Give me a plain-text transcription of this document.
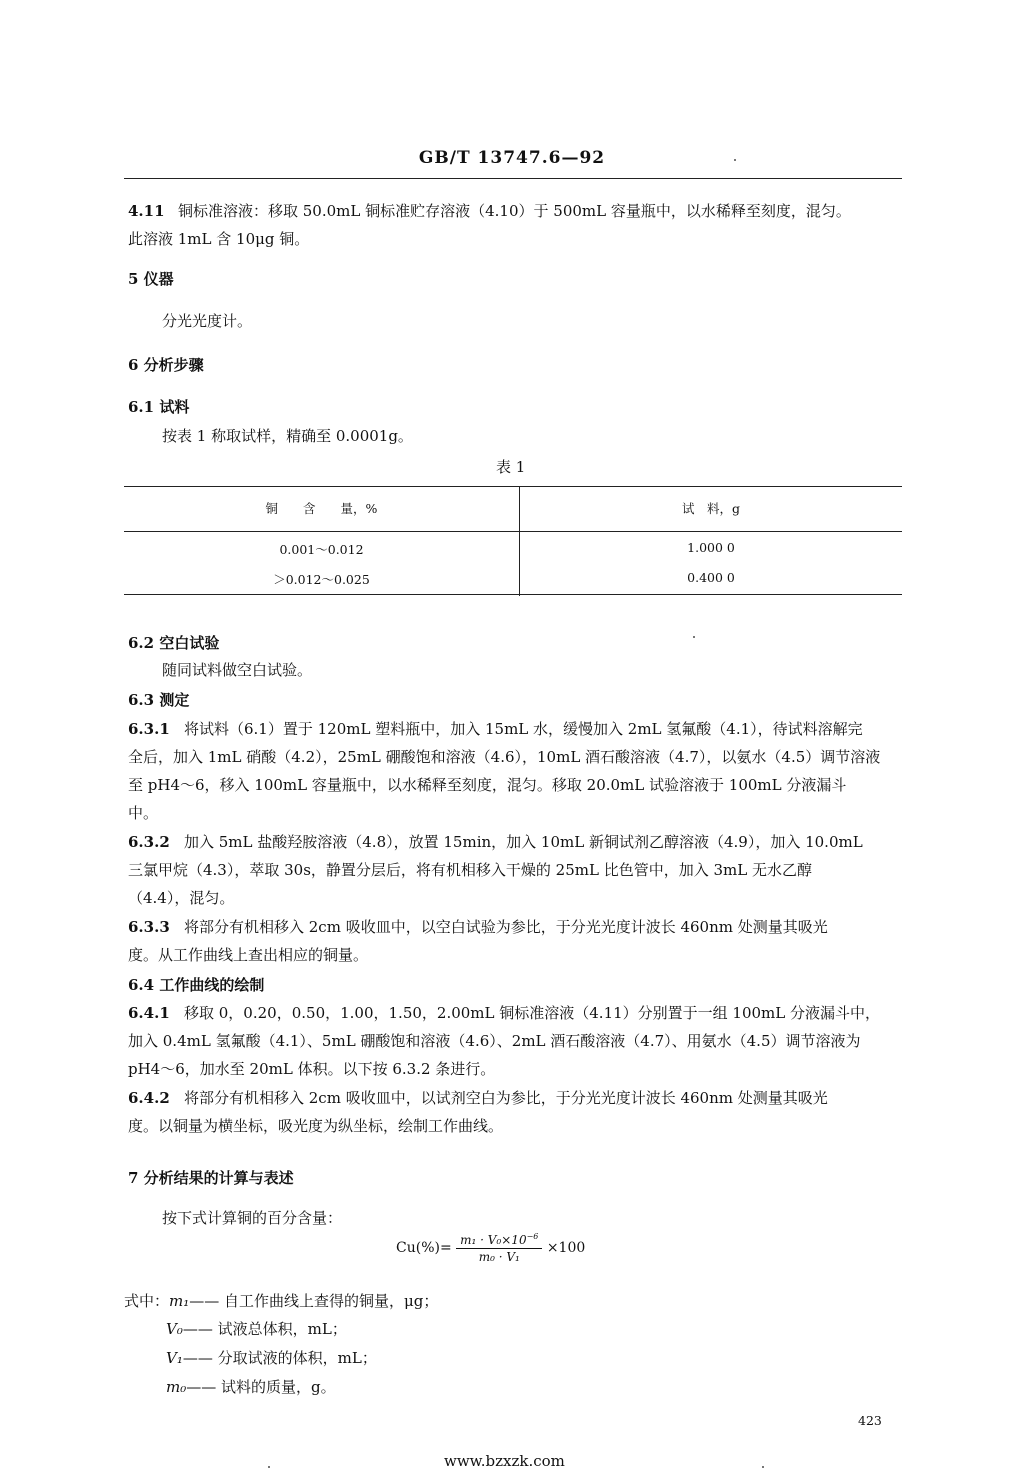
GB/T 13747.6—92
4.11 铜标准溶液：移取 50.0mL 铜标准贮存溶液（4.10）于 500mL 容量瓶中，以水稀释至刻度，混匀。
此溶液 1mL 含 10μg 铜。
5 仪器
分光光度计。
6 分析步骤
6.1 试料
按表 1 称取试样，精确至 0.0001g。
表 1
铜　　含　　量，%	试　料，g
0.001～0.012	1.000 0
＞0.012～0.025	0.400 0
6.2 空白试验
随同试料做空白试验。
6.3 测定
6.3.1 将试料（6.1）置于 120mL 塑料瓶中，加入 15mL 水，缓慢加入 2mL 氢氟酸（4.1），待试料溶解完
全后，加入 1mL 硝酸（4.2），25mL 硼酸饱和溶液（4.6），10mL 酒石酸溶液（4.7），以氨水（4.5）调节溶液
至 pH4～6，移入 100mL 容量瓶中，以水稀释至刻度，混匀。移取 20.0mL 试验溶液于 100mL 分液漏斗
中。
6.3.2 加入 5mL 盐酸羟胺溶液（4.8），放置 15min，加入 10mL 新铜试剂乙醇溶液（4.9），加入 10.0mL
三氯甲烷（4.3），萃取 30s，静置分层后，将有机相移入干燥的 25mL 比色管中，加入 3mL 无水乙醇
（4.4），混匀。
6.3.3 将部分有机相移入 2cm 吸收皿中，以空白试验为参比，于分光光度计波长 460nm 处测量其吸光
度。从工作曲线上查出相应的铜量。
6.4 工作曲线的绘制
6.4.1 移取 0，0.20，0.50，1.00，1.50，2.00mL 铜标准溶液（4.11）分别置于一组 100mL 分液漏斗中，
加入 0.4mL 氢氟酸（4.1）、5mL 硼酸饱和溶液（4.6）、2mL 酒石酸溶液（4.7）、用氨水（4.5）调节溶液为
pH4～6，加水至 20mL 体积。以下按 6.3.2 条进行。
6.4.2 将部分有机相移入 2cm 吸收皿中，以试剂空白为参比，于分光光度计波长 460nm 处测量其吸光
度。以铜量为横坐标，吸光度为纵坐标，绘制工作曲线。
7 分析结果的计算与表述
按下式计算铜的百分含量：
$Cu(\%)= \frac{m_1 \cdot V_0\times 10^{-6}}{\text{m₀ · V₁}} \times 100$
式中：m₁—— 自工作曲线上查得的铜量，μg；
V₀—— 试液总体积，mL；
V₁—— 分取试液的体积，mL；
m₀—— 试料的质量，g。
423
www.bzxzk.com
